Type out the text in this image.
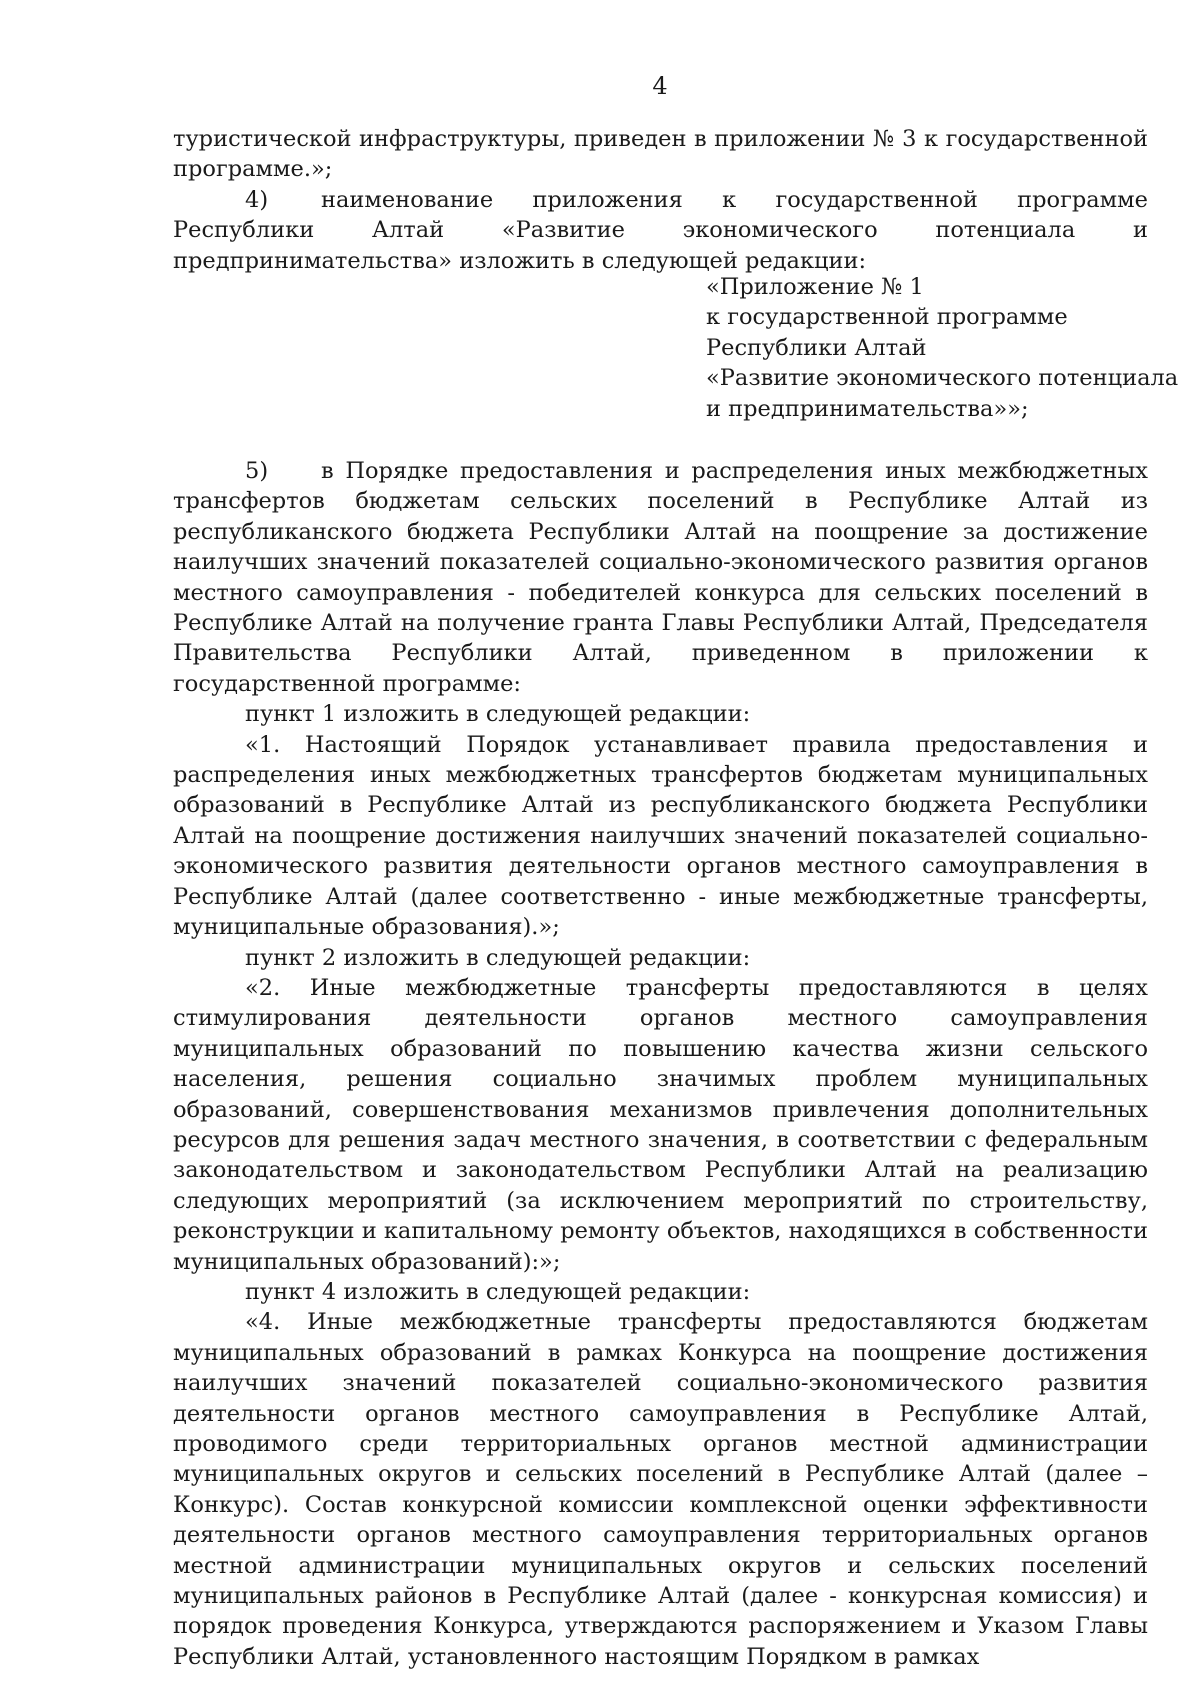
4

туристической инфраструктуры, приведен в приложении № 3 к государственной программе.»;

4) наименование приложения к государственной программе Республики Алтай «Развитие экономического потенциала и предпринимательства» изложить в следующей редакции:

«Приложение № 1
к государственной программе
Республики Алтай
«Развитие экономического потенциала
и предпринимательства»»;

5) в Порядке предоставления и распределения иных межбюджетных трансфертов бюджетам сельских поселений в Республике Алтай из республиканского бюджета Республики Алтай на поощрение за достижение наилучших значений показателей социально-экономического развития органов местного самоуправления - победителей конкурса для сельских поселений в Республике Алтай на получение гранта Главы Республики Алтай, Председателя Правительства Республики Алтай, приведенном в приложении к государственной программе:

пункт 1 изложить в следующей редакции:

«1. Настоящий Порядок устанавливает правила предоставления и распределения иных межбюджетных трансфертов бюджетам муниципальных образований в Республике Алтай из республиканского бюджета Республики Алтай на поощрение достижения наилучших значений показателей социально-экономического развития деятельности органов местного самоуправления в Республике Алтай (далее соответственно - иные межбюджетные трансферты, муниципальные образования).»;

пункт 2 изложить в следующей редакции:

«2. Иные межбюджетные трансферты предоставляются в целях стимулирования деятельности органов местного самоуправления муниципальных образований по повышению качества жизни сельского населения, решения социально значимых проблем муниципальных образований, совершенствования механизмов привлечения дополнительных ресурсов для решения задач местного значения, в соответствии с федеральным законодательством и законодательством Республики Алтай на реализацию следующих мероприятий (за исключением мероприятий по строительству, реконструкции и капитальному ремонту объектов, находящихся в собственности муниципальных образований):»;

пункт 4 изложить в следующей редакции:

«4. Иные межбюджетные трансферты предоставляются бюджетам муниципальных образований в рамках Конкурса на поощрение достижения наилучших значений показателей социально-экономического развития деятельности органов местного самоуправления в Республике Алтай, проводимого среди территориальных органов местной администрации муниципальных округов и сельских поселений в Республике Алтай (далее – Конкурс). Состав конкурсной комиссии комплексной оценки эффективности деятельности органов местного самоуправления территориальных органов местной администрации муниципальных округов и сельских поселений муниципальных районов в Республике Алтай (далее - конкурсная комиссия) и порядок проведения Конкурса, утверждаются распоряжением и Указом Главы Республики Алтай, установленного настоящим Порядком в рамках
